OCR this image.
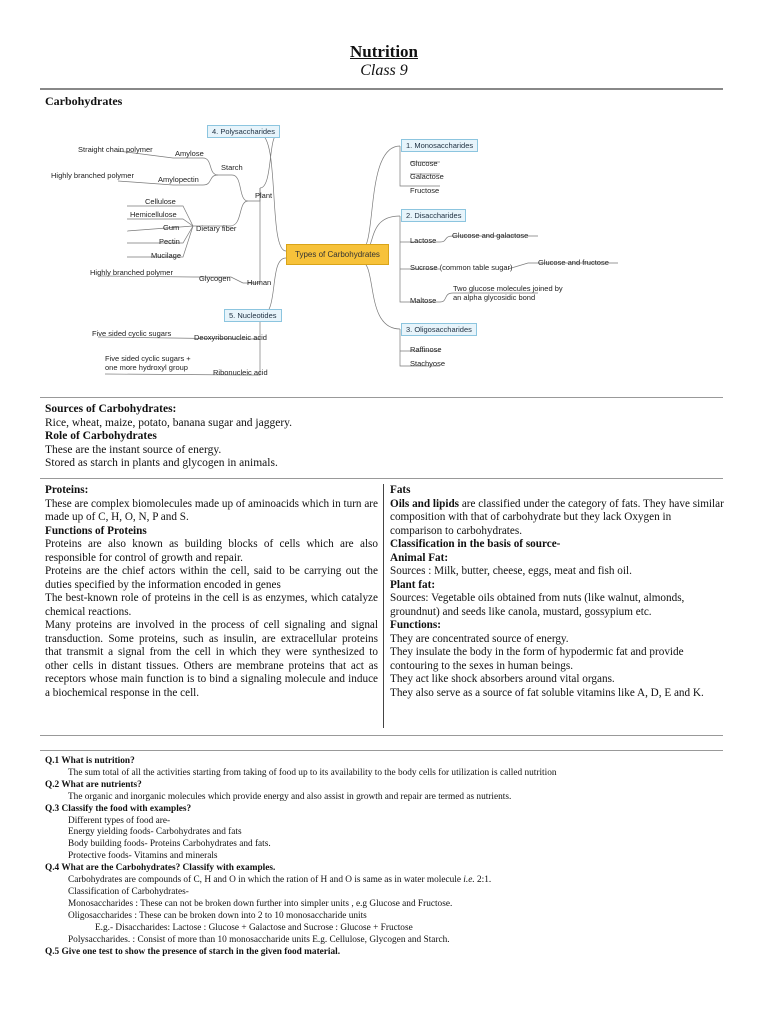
Nutrition
Class 9
Carbohydrates
4. Polysaccharides
Straight chain polymer	Amylose
Starch
Highly branched polymer	Amylopectin
Plant
Cellulose
Hemicellulose
Gum Dietary fiber
Pectin
Mucilage
Highly branched polymer
Glycogen Human
Types of Carbohydrates
5. Nucleotides
Five sided cyclic sugars	Deoxyribonucleic acid
Five sided cyclic sugars +
one more hydroxyl group
Ribonucleic acid
1. Monosaccharides
Glucose
Galactose
Fructose
2. Disaccharides
Lactose
Glucose and galactose
Sucrose (common table sugar)
Glucose and fructose
Maltose
Two glucose molecules joined by
an alpha glycosidic bond
3. Oligosaccharides
Raffinose
Stachyose
Sources of Carbohydrates:
Rice, wheat, maize, potato, banana sugar and jaggery.
Role of Carbohydrates
These are the instant source of energy.
Stored as starch in plants and glycogen in animals.

Proteins:

These are complex biomolecules made up of aminoacids which in turn are made up of C, H, O, N, P and S.

Functions of Proteins

Proteins are also known as building blocks of cells which are also responsible for control of growth and repair.

Proteins are the chief actors within the cell, said to be carrying out the duties specified by the information encoded in genes

The best-known role of proteins in the cell is as enzymes, which catalyze chemical reactions.

Many proteins are involved in the process of cell signaling and signal transduction. Some proteins, such as insulin, are extracellular proteins that transmit a signal from the cell in which they were synthesized to other cells in distant tissues. Others are membrane proteins that act as receptors whose main function is to bind a signaling molecule and induce a biochemical response in the cell.

Fats

Oils and lipids are classified under the category of fats. They have similar composition with that of carbohydrate but they lack Oxygen in comparison to carbohydrates.

Classification in the basis of source-

Animal Fat:

Sources : Milk, butter, cheese, eggs, meat and fish oil.

Plant fat:

Sources: Vegetable oils obtained from nuts (like walnut, almonds, groundnut) and seeds like canola, mustard, gossypium etc.

Functions:

They are concentrated source of energy.

They insulate the body in the form of hypodermic fat and provide contouring to the sexes in human beings.

They act like shock absorbers around vital organs.

They also serve as a source of fat soluble vitamins like A, D, E and K.

Q.1 What is nutrition?
The sum total of all the activities starting from taking of food up to its availability to the body cells for utilization is called nutrition
Q.2 What are nutrients?
The organic and inorganic molecules which provide energy and also assist in growth and repair are termed as nutrients.
Q.3 Classify the food with examples?
Different types of food are-
Energy yielding foods- Carbohydrates and fats
Body building foods- Proteins Carbohydrates and fats.
Protective foods- Vitamins and minerals
Q.4 What are the Carbohydrates? Classify with examples.
Carbohydrates are compounds of C, H and O in which the ration of H and O is same as in water molecule i.e. 2:1.
Classification of Carbohydrates-
Monosaccharides : These can not be broken down further into simpler units , e.g Glucose and Fructose.
Oligosaccharides : These can be broken down into 2 to 10 monosaccharide units
E.g.- Disaccharides: Lactose : Glucose + Galactose and Sucrose : Glucose + Fructose
Polysaccharides. : Consist of more than 10 monosaccharide units E.g. Cellulose, Glycogen and Starch.
Q.5 Give one test to show the presence of starch in the given food material.
